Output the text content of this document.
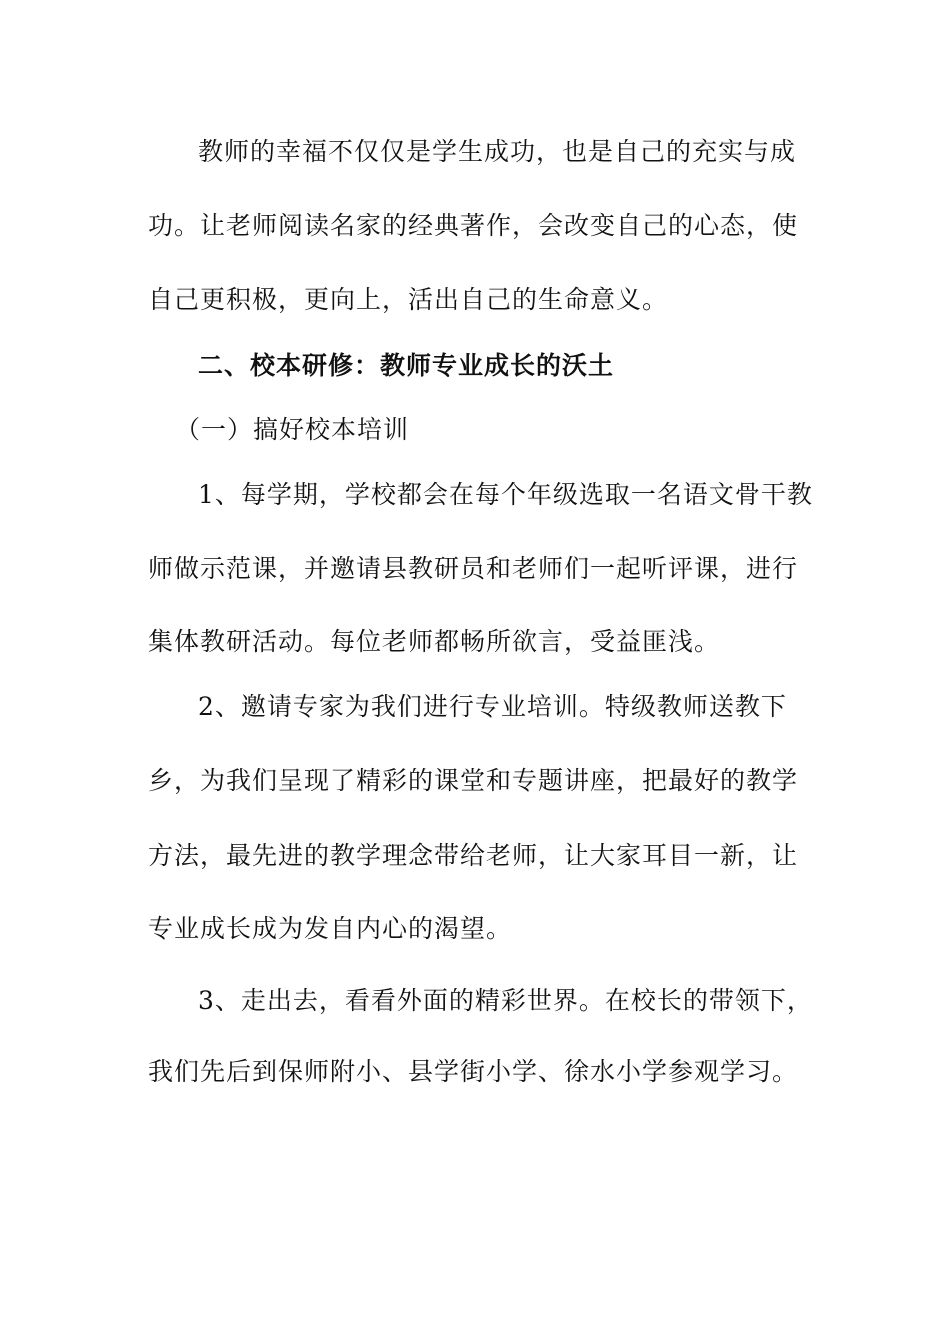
教师的幸福不仅仅是学生成功，也是自己的充实与成

功。让老师阅读名家的经典著作，会改变自己的心态，使

自己更积极，更向上，活出自己的生命意义。

二、校本研修：教师专业成长的沃土

（一）搞好校本培训

1、每学期，学校都会在每个年级选取一名语文骨干教

师做示范课，并邀请县教研员和老师们一起听评课，进行

集体教研活动。每位老师都畅所欲言，受益匪浅。

2、邀请专家为我们进行专业培训。特级教师送教下

乡，为我们呈现了精彩的课堂和专题讲座，把最好的教学

方法，最先进的教学理念带给老师，让大家耳目一新，让

专业成长成为发自内心的渴望。

3、走出去，看看外面的精彩世界。在校长的带领下，

我们先后到保师附小、县学街小学、徐水小学参观学习。
